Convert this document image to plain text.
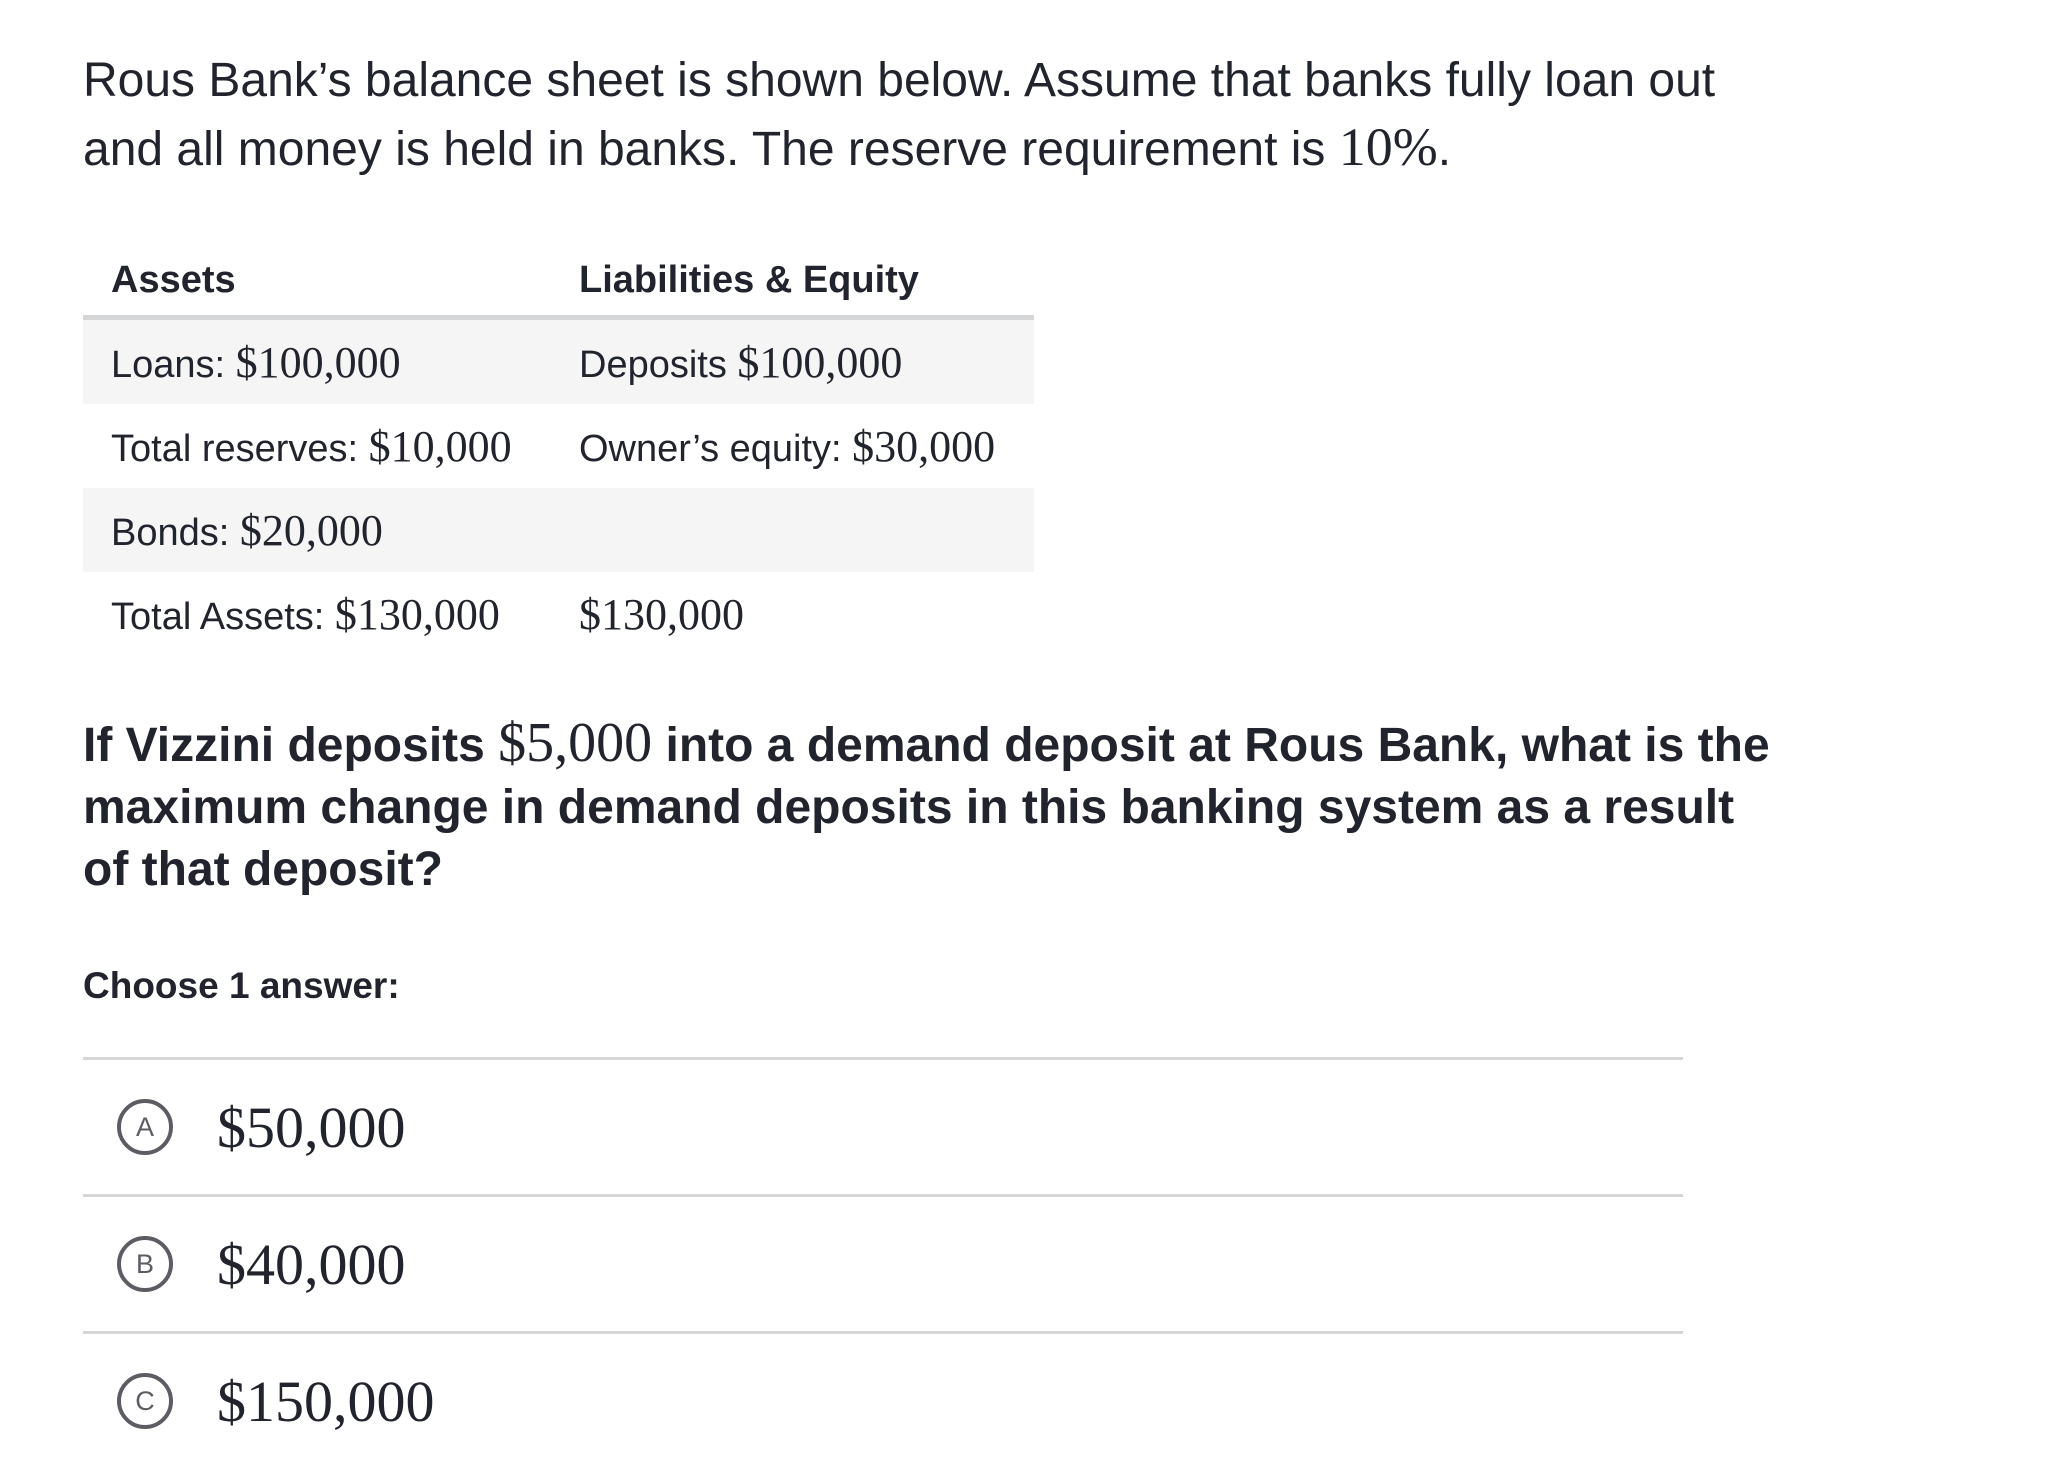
Rous Bank’s balance sheet is shown below. Assume that banks fully loan out and all money is held in banks. The reserve requirement is 10%.

Assets	Liabilities & Equity
Loans: $100,000	Deposits $100,000
Total reserves: $10,000	Owner’s equity: $30,000
Bonds: $20,000	
Total Assets: $130,000	$130,000

If Vizzini deposits $5,000 into a demand deposit at Rous Bank, what is the maximum change in demand deposits in this banking system as a result of that deposit?

Choose 1 answer:

A	$50,000
B	$40,000
C	$150,000
